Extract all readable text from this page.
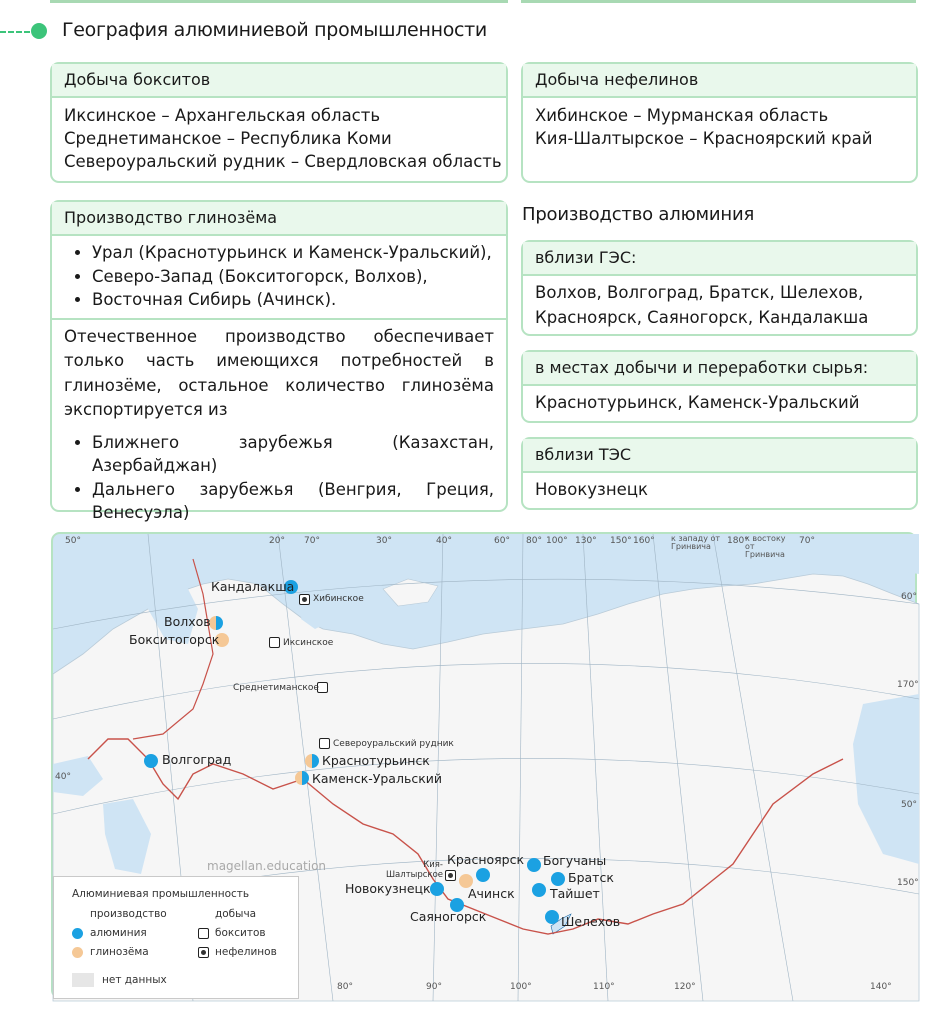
География алюминиевой промышленности
Добыча бокситов
Иксинское – Архангельская область
Среднетиманское – Республика Коми
Североуральский рудник – Свердловская область
Добыча нефелинов
Хибинское – Мурманская область
Кия-Шалтырское – Красноярский край
Производство глинозёма
• Урал (Краснотурьинск и Каменск-Уральский),
• Северо-Запад (Бокситогорск, Волхов),
• Восточная Сибирь (Ачинск).
Отечественное производство обеспечивает только часть имеющихся потребностей в глинозёме, остальное количество глинозёма экспортируется из
• Ближнего зарубежья (Казахстан, Азербайджан)
• Дальнего зарубежья (Венгрия, Греция, Венесуэла)
Производство алюминия
вблизи ГЭС:
Волхов, Волгоград, Братск, Шелехов, Красноярск, Саяногорск, Кандалакша
в местах добычи и переработки сырья:
Краснотурьинск, Каменск-Уральский
вблизи ТЭС
Новокузнецк
50°	20° 70°	30°	40°	60° 80° 100° 130° 150° 160° к западу от Гринвича
180°
к востоку от Гринвича
70°
60°
170°
50°
150°
40°
80°	90°	100°	110°	120°	140°
magellan.education
Кандалакша
Волхов
Бокситогорск
Волгоград	Краснотурьинск
Каменск-Уральский
Красноярск
Ачинск
Новокузнецк
Саяногорск
Богучаны
Братск
Тайшет
Шелехов
Хибинское
Иксинское
Среднетиманское
Североуральский рудник
Кия-Шалтырское
Алюминиевая промышленность
производство	добыча
алюминия
глинозёма
бокситов
нефелинов
нет данных
